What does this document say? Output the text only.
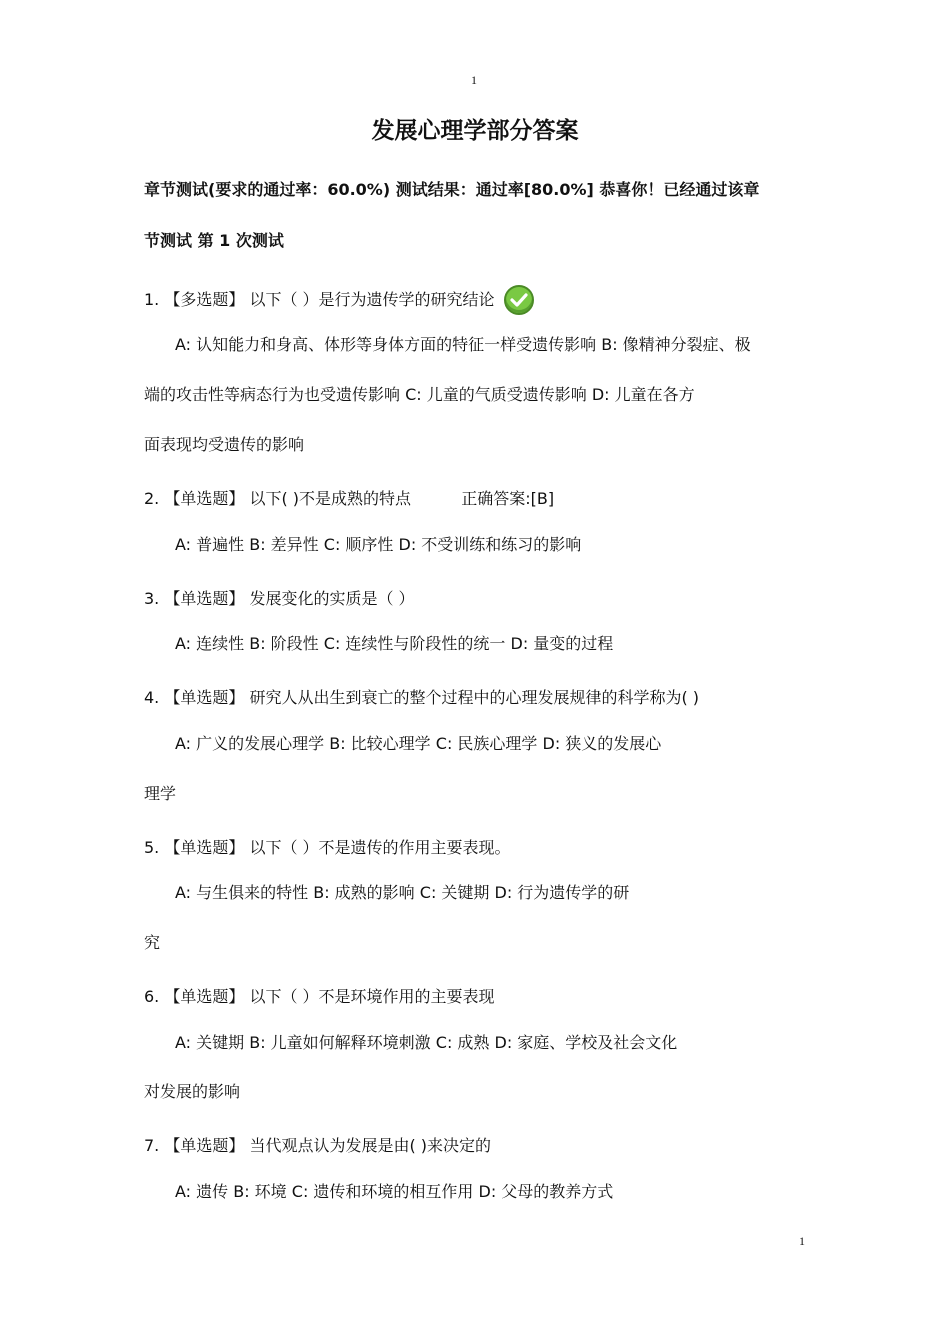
1
发展心理学部分答案
章节测试(要求的通过率：60.0%) 测试结果：通过率[80.0%] 恭喜你！已经通过该章
节测试 第 1 次测试
1. 【多选题】 以下（ ）是行为遗传学的研究结论
A: 认知能力和身高、体形等身体方面的特征一样受遗传影响 B: 像精神分裂症、极
端的攻击性等病态行为也受遗传影响 C: 儿童的气质受遗传影响 D: 儿童在各方
面表现均受遗传的影响
2. 【单选题】 以下( )不是成熟的特点	正确答案:[B]
A: 普遍性 B: 差异性 C: 顺序性 D: 不受训练和练习的影响
3. 【单选题】 发展变化的实质是（ ）
A: 连续性 B: 阶段性 C: 连续性与阶段性的统一 D: 量变的过程
4. 【单选题】 研究人从出生到衰亡的整个过程中的心理发展规律的科学称为( )
A: 广义的发展心理学 B: 比较心理学 C: 民族心理学 D: 狭义的发展心
理学
5. 【单选题】 以下（ ）不是遗传的作用主要表现。
A: 与生俱来的特性 B: 成熟的影响 C: 关键期 D: 行为遗传学的研
究
6. 【单选题】 以下（ ）不是环境作用的主要表现
A: 关键期 B: 儿童如何解释环境刺激 C: 成熟 D: 家庭、学校及社会文化
对发展的影响
7. 【单选题】 当代观点认为发展是由( )来决定的
A: 遗传 B: 环境 C: 遗传和环境的相互作用 D: 父母的教养方式
1
